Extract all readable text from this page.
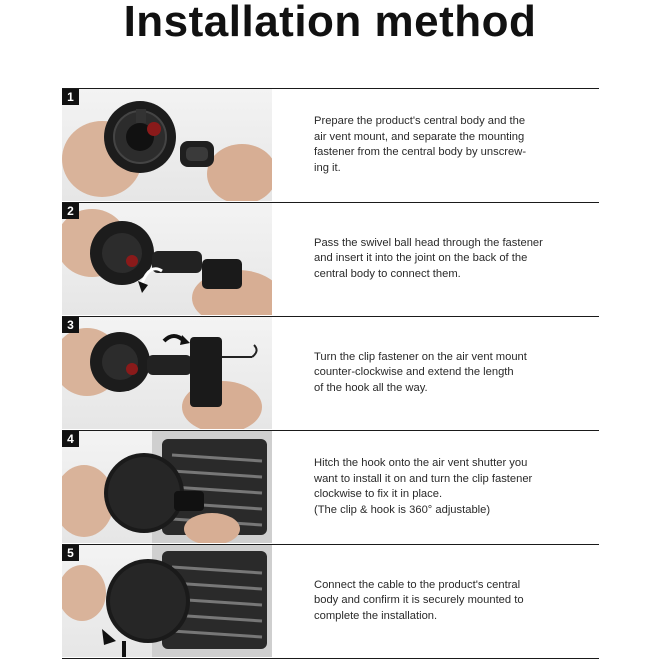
Installation method
1

Prepare the product's central body and the

air vent mount, and separate the mounting

fastener from the central body by unscrew-

ing it.

2

Pass the swivel ball head through the fastener

and insert it into the joint on the back of the

central body to connect them.

3

Turn the clip fastener on the air vent mount

counter-clockwise and extend the length

of the hook all the way.

4

Hitch the hook onto the air vent shutter you

want to install it on and turn the clip fastener

clockwise to fix it in place.

(The clip & hook is 360° adjustable)

5

Connect the cable to the product's central

body and confirm it is securely mounted to

complete the installation.
